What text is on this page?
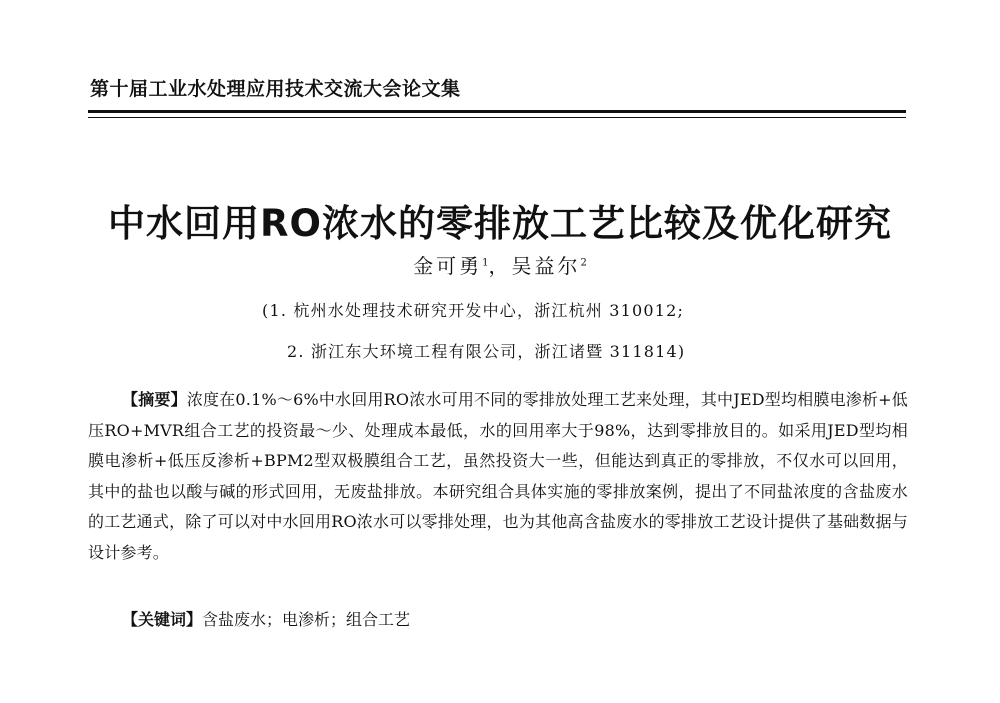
第十届工业水处理应用技术交流大会论文集
中水回用RO浓水的零排放工艺比较及优化研究
金可勇$^1$，吴益尔$^2$
(1. 杭州水处理技术研究开发中心，浙江杭州 310012;
2. 浙江东大环境工程有限公司，浙江诸暨 311814)
【摘要】浓度在0.1%～6%中水回用RO浓水可用不同的零排放处理工艺来处理，其中JED型均相膜电渗析+低压RO+MVR组合工艺的投资最～少、处理成本最低，水的回用率大于98%，达到零排放目的。如采用JED型均相膜电渗析+低压反渗析+BPM2型双极膜组合工艺，虽然投资大一些，但能达到真正的零排放，不仅水可以回用，其中的盐也以酸与碱的形式回用，无废盐排放。本研究组合具体实施的零排放案例，提出了不同盐浓度的含盐废水的工艺通式，除了可以对中水回用RO浓水可以零排处理，也为其他高含盐废水的零排放工艺设计提供了基础数据与设计参考。
【关键词】含盐废水；电渗析；组合工艺
